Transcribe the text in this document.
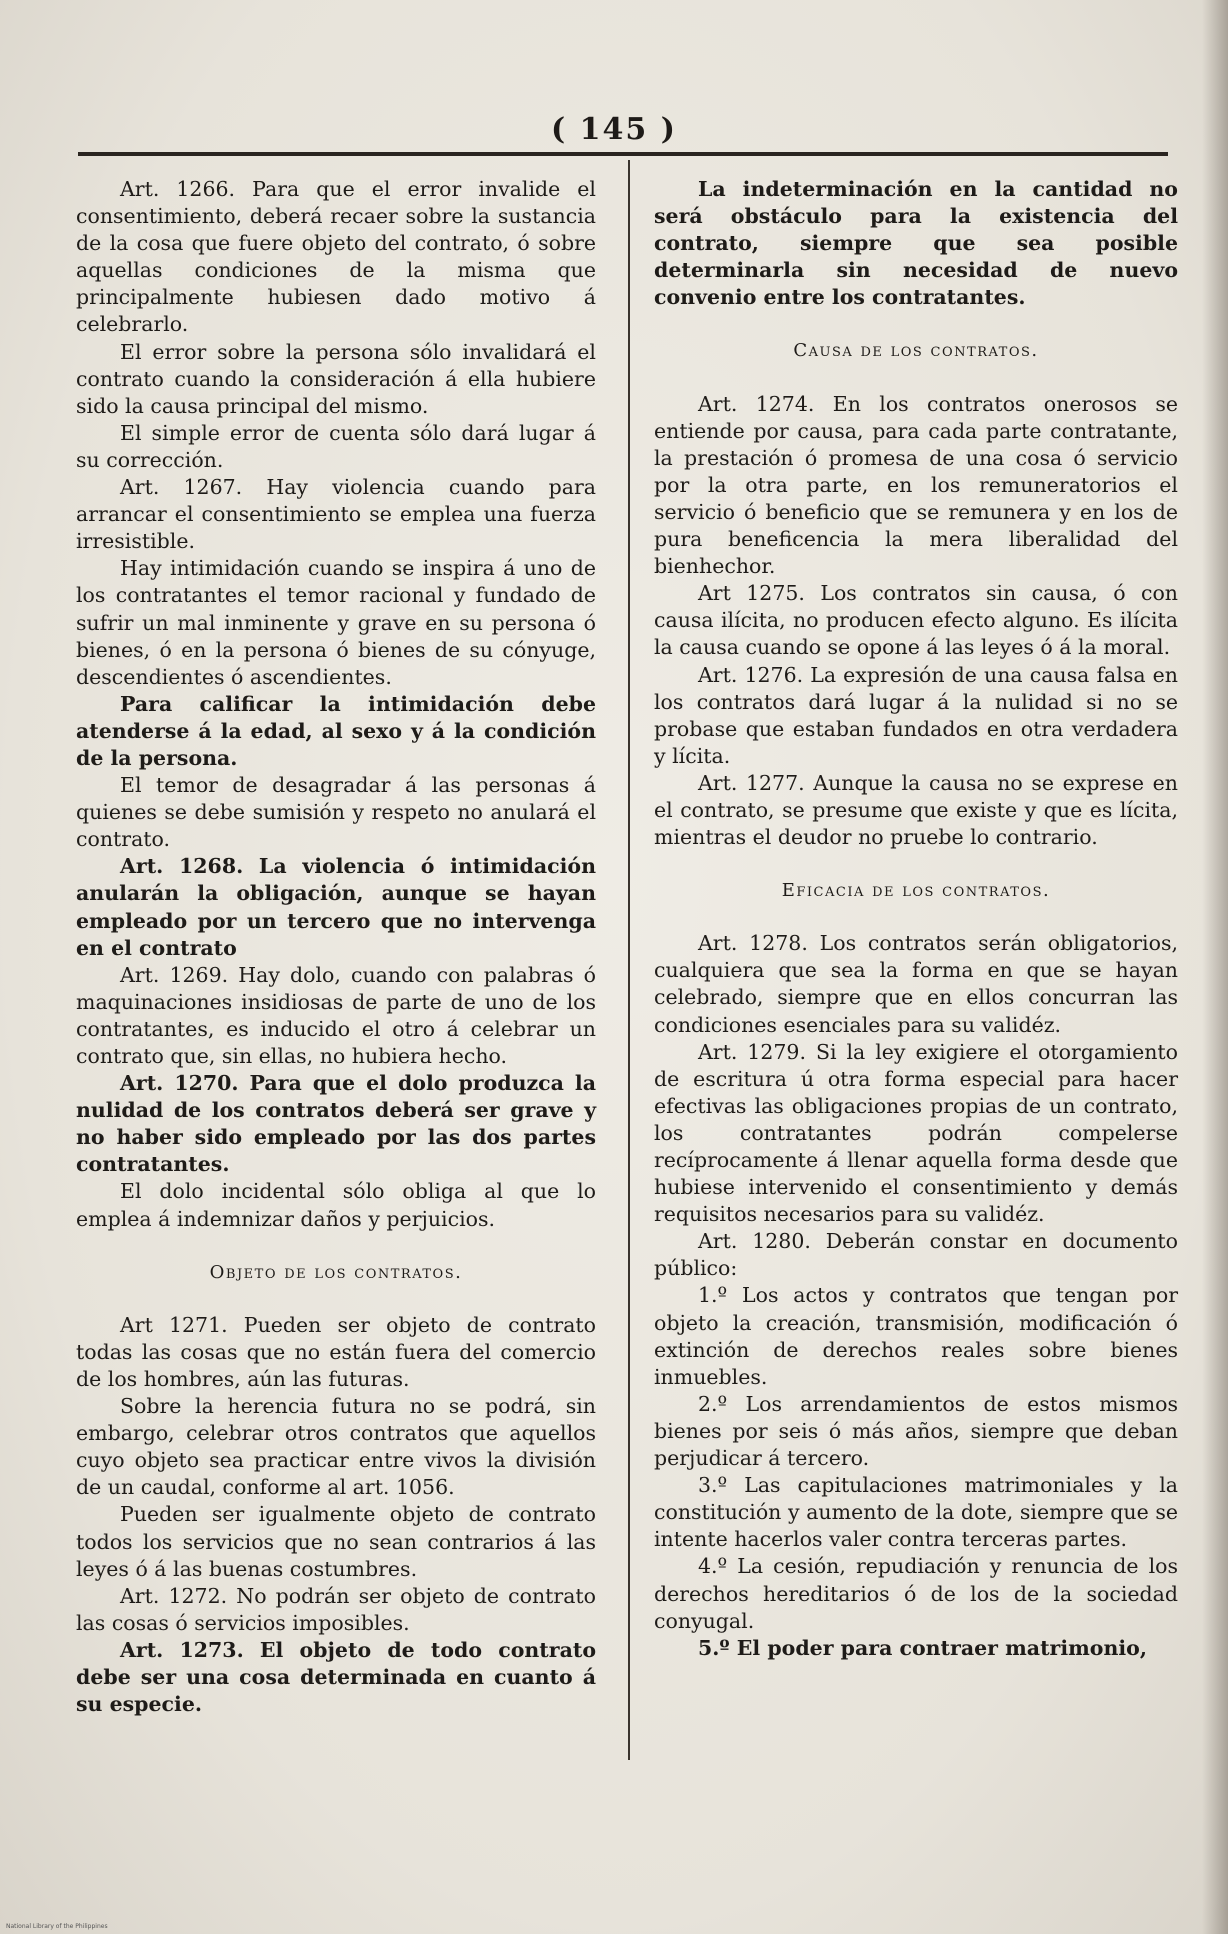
( 145 )

Art. 1266. Para que el error invalide el consentimiento, deberá recaer sobre la sustancia de la cosa que fuere objeto del contrato, ó sobre aquellas condiciones de la misma que principalmente hubiesen dado motivo á celebrarlo.

El error sobre la persona sólo invalidará el contrato cuando la consideración á ella hubiere sido la causa principal del mismo.

El simple error de cuenta sólo dará lugar á su corrección.

Art. 1267. Hay violencia cuando para arrancar el consentimiento se emplea una fuerza irresistible.

Hay intimidación cuando se inspira á uno de los contratantes el temor racional y fundado de sufrir un mal inminente y grave en su persona ó bienes, ó en la persona ó bienes de su cónyuge, descendientes ó ascendientes.

Para calificar la intimidación debe atenderse á la edad, al sexo y á la condición de la persona.

El temor de desagradar á las personas á quienes se debe sumisión y respeto no anulará el contrato.

Art. 1268. La violencia ó intimidación anularán la obligación, aunque se hayan empleado por un tercero que no intervenga en el contrato

Art. 1269. Hay dolo, cuando con palabras ó maquinaciones insidiosas de parte de uno de los contratantes, es inducido el otro á celebrar un contrato que, sin ellas, no hubiera hecho.

Art. 1270. Para que el dolo produzca la nulidad de los contratos deberá ser grave y no haber sido empleado por las dos partes contratantes.

El dolo incidental sólo obliga al que lo emplea á indemnizar daños y perjuicios.

Objeto de los contratos.

Art 1271. Pueden ser objeto de contrato todas las cosas que no están fuera del comercio de los hombres, aún las futuras.

Sobre la herencia futura no se podrá, sin embargo, celebrar otros contratos que aquellos cuyo objeto sea practicar entre vivos la división de un caudal, conforme al art. 1056.

Pueden ser igualmente objeto de contrato todos los servicios que no sean contrarios á las leyes ó á las buenas costumbres.

Art. 1272. No podrán ser objeto de contrato las cosas ó servicios imposibles.

Art. 1273. El objeto de todo contrato debe ser una cosa determinada en cuanto á su especie.

La indeterminación en la cantidad no será obstáculo para la existencia del contrato, siempre que sea posible determinarla sin necesidad de nuevo convenio entre los contratantes.

Causa de los contratos.

Art. 1274. En los contratos onerosos se entiende por causa, para cada parte contratante, la prestación ó promesa de una cosa ó servicio por la otra parte, en los remuneratorios el servicio ó beneficio que se remunera y en los de pura beneficencia la mera liberalidad del bienhechor.

Art 1275. Los contratos sin causa, ó con causa ilícita, no producen efecto alguno. Es ilícita la causa cuando se opone á las leyes ó á la moral.

Art. 1276. La expresión de una causa falsa en los contratos dará lugar á la nulidad si no se probase que estaban fundados en otra verdadera y lícita.

Art. 1277. Aunque la causa no se exprese en el contrato, se presume que existe y que es lícita, mientras el deudor no pruebe lo contrario.

Eficacia de los contratos.

Art. 1278. Los contratos serán obligatorios, cualquiera que sea la forma en que se hayan celebrado, siempre que en ellos concurran las condiciones esenciales para su validéz.

Art. 1279. Si la ley exigiere el otorgamiento de escritura ú otra forma especial para hacer efectivas las obligaciones propias de un contrato, los contratantes podrán compelerse recíprocamente á llenar aquella forma desde que hubiese intervenido el consentimiento y demás requisitos necesarios para su validéz.

Art. 1280. Deberán constar en documento público:

1.º Los actos y contratos que tengan por objeto la creación, transmisión, modificación ó extinción de derechos reales sobre bienes inmuebles.

2.º Los arrendamientos de estos mismos bienes por seis ó más años, siempre que deban perjudicar á tercero.

3.º Las capitulaciones matrimoniales y la constitución y aumento de la dote, siempre que se intente hacerlos valer contra terceras partes.

4.º La cesión, repudiación y renuncia de los derechos hereditarios ó de los de la sociedad conyugal.

5.º El poder para contraer matrimonio,

National Library of the Philippines
